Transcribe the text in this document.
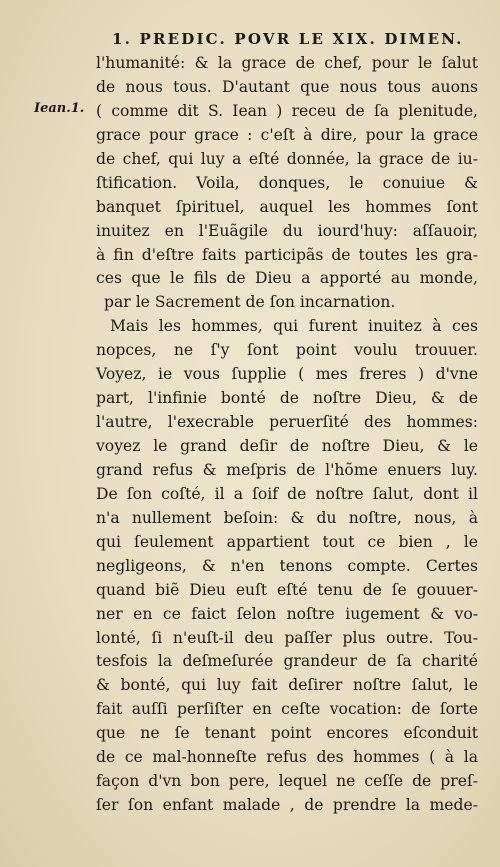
1. PREDIC. POVR LE XIX. DIMEN.
Iean.1.
l'humanité: & la grace de chef, pour le ſalut
de nous tous. D'autant que nous tous auons
( comme dit S. Iean ) receu de ſa plenitude,
grace pour grace : c'eſt à dire, pour la grace
de chef, qui luy a eſté donnée, la grace de iu-
ſtification. Voila, donques, le conuiue &
banquet ſpirituel, auquel les hommes ſont
inuitez en l'Euãgile du iourd'huy: aſſauoir,
à fin d'eſtre faits participãs de toutes les gra-
ces que le fils de Dieu a apporté au monde,
par le Sacrement de ſon incarnation.
Mais les hommes, qui furent inuitez à ces
nopces, ne ſ'y ſont point voulu trouuer.
Voyez, ie vous ſupplie ( mes freres ) d'vne
part, l'infinie bonté de noſtre Dieu, & de
l'autre, l'execrable peruerſité des hommes:
voyez le grand deſir de noſtre Dieu, & le
grand refus & meſpris de l'hõme enuers luy.
De ſon coſté, il a ſoif de noſtre ſalut, dont il
n'a nullement beſoin: & du noſtre, nous, à
qui ſeulement appartient tout ce bien , le
negligeons, & n'en tenons compte. Certes
quand biẽ Dieu euſt eſté tenu de ſe gouuer-
ner en ce faict ſelon noſtre iugement & vo-
lonté, ſi n'euſt-il deu paſſer plus outre. Tou-
tesfois la deſmeſurée grandeur de ſa charité
& bonté, qui luy fait deſirer noſtre ſalut, le
fait auſſi perſiſter en ceſte vocation: de ſorte
que ne ſe tenant point encores eſconduit
de ce mal-honneſte refus des hommes ( à la
façon d'vn bon pere, lequel ne ceſſe de preſ-
ſer ſon enfant malade , de prendre la mede-
